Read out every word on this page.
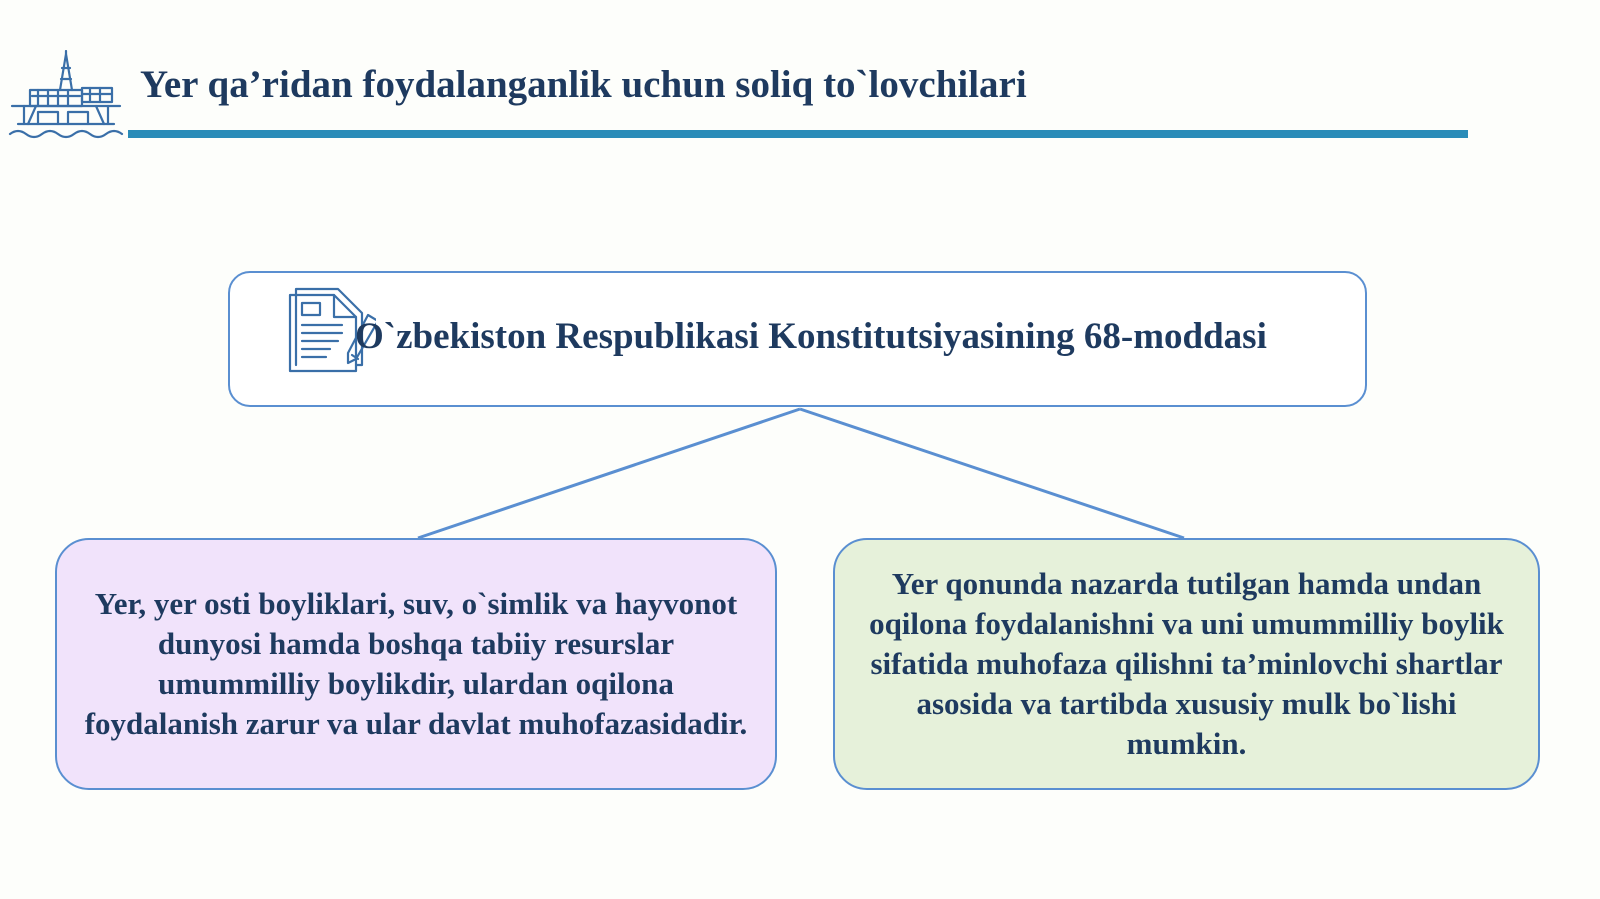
Yer qa’ridan foydalanganlik uchun soliq to`lovchilari
O`zbekiston Respublikasi Konstitutsiyasining 68-moddasi

Yer, yer osti boyliklari, suv, o`simlik va hayvonot dunyosi hamda boshqa tabiiy resurslar umummilliy boylikdir, ulardan oqilona foydalanish zarur va ular davlat muhofazasidadir.

Yer qonunda nazarda tutilgan hamda undan oqilona foydalanishni va uni umummilliy boylik sifatida muhofaza qilishni ta’minlovchi shartlar asosida va tartibda xususiy mulk bo`lishi mumkin.
